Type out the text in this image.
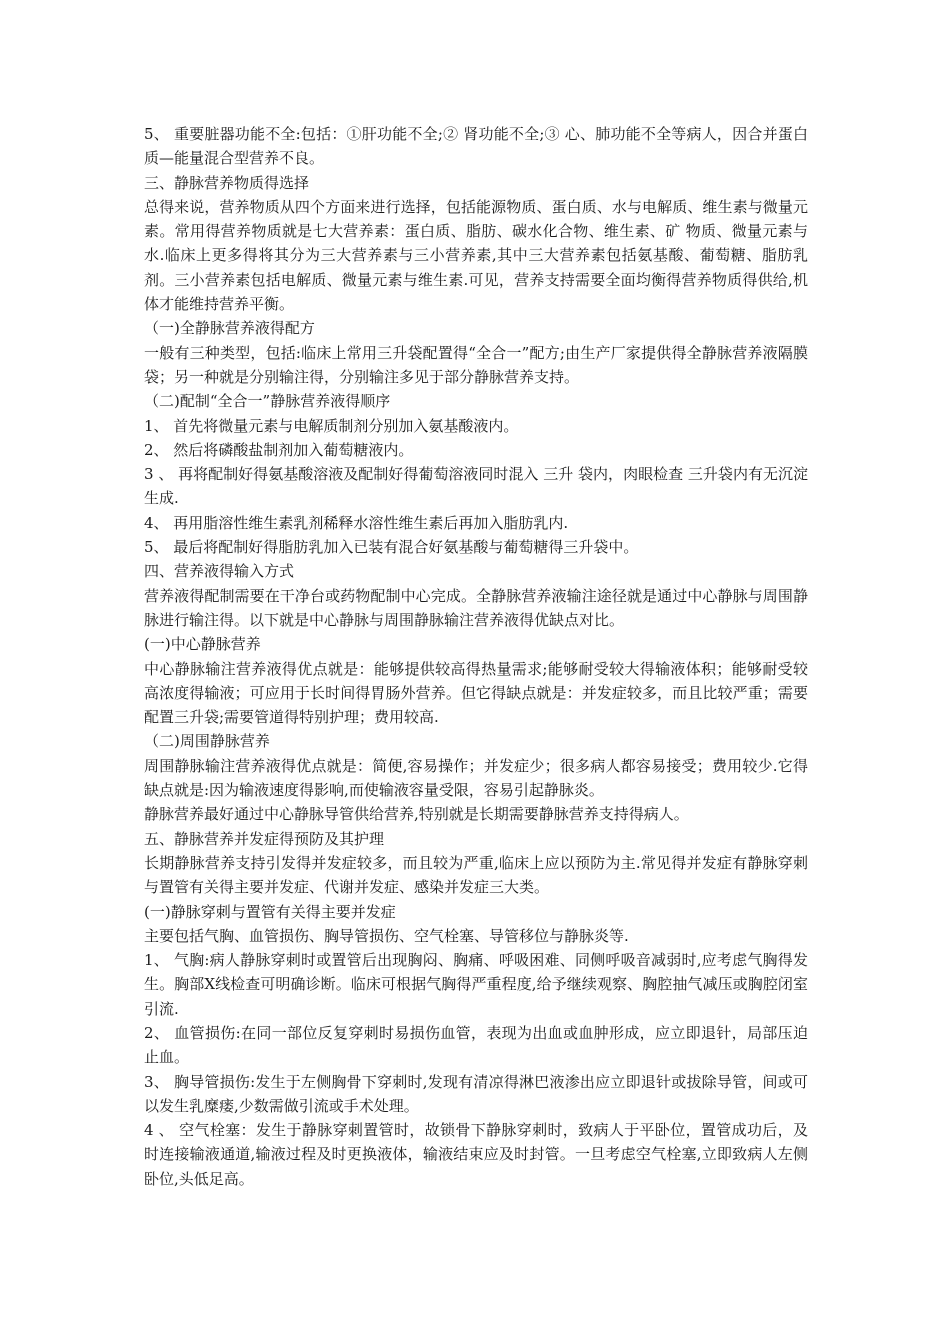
5、 重要脏器功能不全:包括：①肝功能不全;② 肾功能不全;③ 心、肺功能不全等病人，因合并蛋白质—能量混合型营养不良。

三、静脉营养物质得选择

总得来说，营养物质从四个方面来进行选择，包括能源物质、蛋白质、水与电解质、维生素与微量元素。常用得营养物质就是七大营养素：蛋白质、脂肪、碳水化合物、维生素、矿 物质、微量元素与水.临床上更多得将其分为三大营养素与三小营养素,其中三大营养素包括氨基酸、葡萄糖、脂肪乳剂。三小营养素包括电解质、微量元素与维生素.可见，营养支持需要全面均衡得营养物质得供给,机体才能维持营养平衡。

（一)全静脉营养液得配方

一般有三种类型，包括:临床上常用三升袋配置得“全合一”配方;由生产厂家提供得全静脉营养液隔膜袋；另一种就是分别输注得，分别输注多见于部分静脉营养支持。

（二)配制“全合一”静脉营养液得顺序

1、 首先将微量元素与电解质制剂分别加入氨基酸液内。

2、 然后将磷酸盐制剂加入葡萄糖液内。

3 、 再将配制好得氨基酸溶液及配制好得葡萄溶液同时混入 三升 袋内，肉眼检查 三升袋内有无沉淀生成.

4、 再用脂溶性维生素乳剂稀释水溶性维生素后再加入脂肪乳内.

5、 最后将配制好得脂肪乳加入已装有混合好氨基酸与葡萄糖得三升袋中。

四、营养液得输入方式

营养液得配制需要在干净台或药物配制中心完成。全静脉营养液输注途径就是通过中心静脉与周围静脉进行输注得。以下就是中心静脉与周围静脉输注营养液得优缺点对比。

(一)中心静脉营养

中心静脉输注营养液得优点就是：能够提供较高得热量需求;能够耐受较大得输液体积；能够耐受较高浓度得输液；可应用于长时间得胃肠外营养。但它得缺点就是：并发症较多，而且比较严重；需要配置三升袋;需要管道得特别护理；费用较高.

（二)周围静脉营养

周围静脉输注营养液得优点就是：简便,容易操作；并发症少；很多病人都容易接受；费用较少.它得缺点就是:因为输液速度得影响,而使输液容量受限，容易引起静脉炎。

静脉营养最好通过中心静脉导管供给营养,特别就是长期需要静脉营养支持得病人。

五、静脉营养并发症得预防及其护理

长期静脉营养支持引发得并发症较多，而且较为严重,临床上应以预防为主.常见得并发症有静脉穿刺与置管有关得主要并发症、代谢并发症、感染并发症三大类。

(一)静脉穿刺与置管有关得主要并发症

主要包括气胸、血管损伤、胸导管损伤、空气栓塞、导管移位与静脉炎等.

1、 气胸:病人静脉穿刺时或置管后出现胸闷、胸痛、呼吸困难、同侧呼吸音减弱时,应考虑气胸得发生。胸部Ⅹ线检查可明确诊断。临床可根据气胸得严重程度,给予继续观察、胸腔抽气减压或胸腔闭室引流.

2、 血管损伤:在同一部位反复穿刺时易损伤血管，表现为出血或血肿形成，应立即退针，局部压迫止血。

3、 胸导管损伤:发生于左侧胸骨下穿刺时,发现有清凉得淋巴液渗出应立即退针或拔除导管，间或可以发生乳糜瘘,少数需做引流或手术处理。

4 、 空气栓塞：发生于静脉穿刺置管时，故锁骨下静脉穿刺时，致病人于平卧位，置管成功后，及时连接输液通道,输液过程及时更换液体，输液结束应及时封管。一旦考虑空气栓塞,立即致病人左侧卧位,头低足高。
